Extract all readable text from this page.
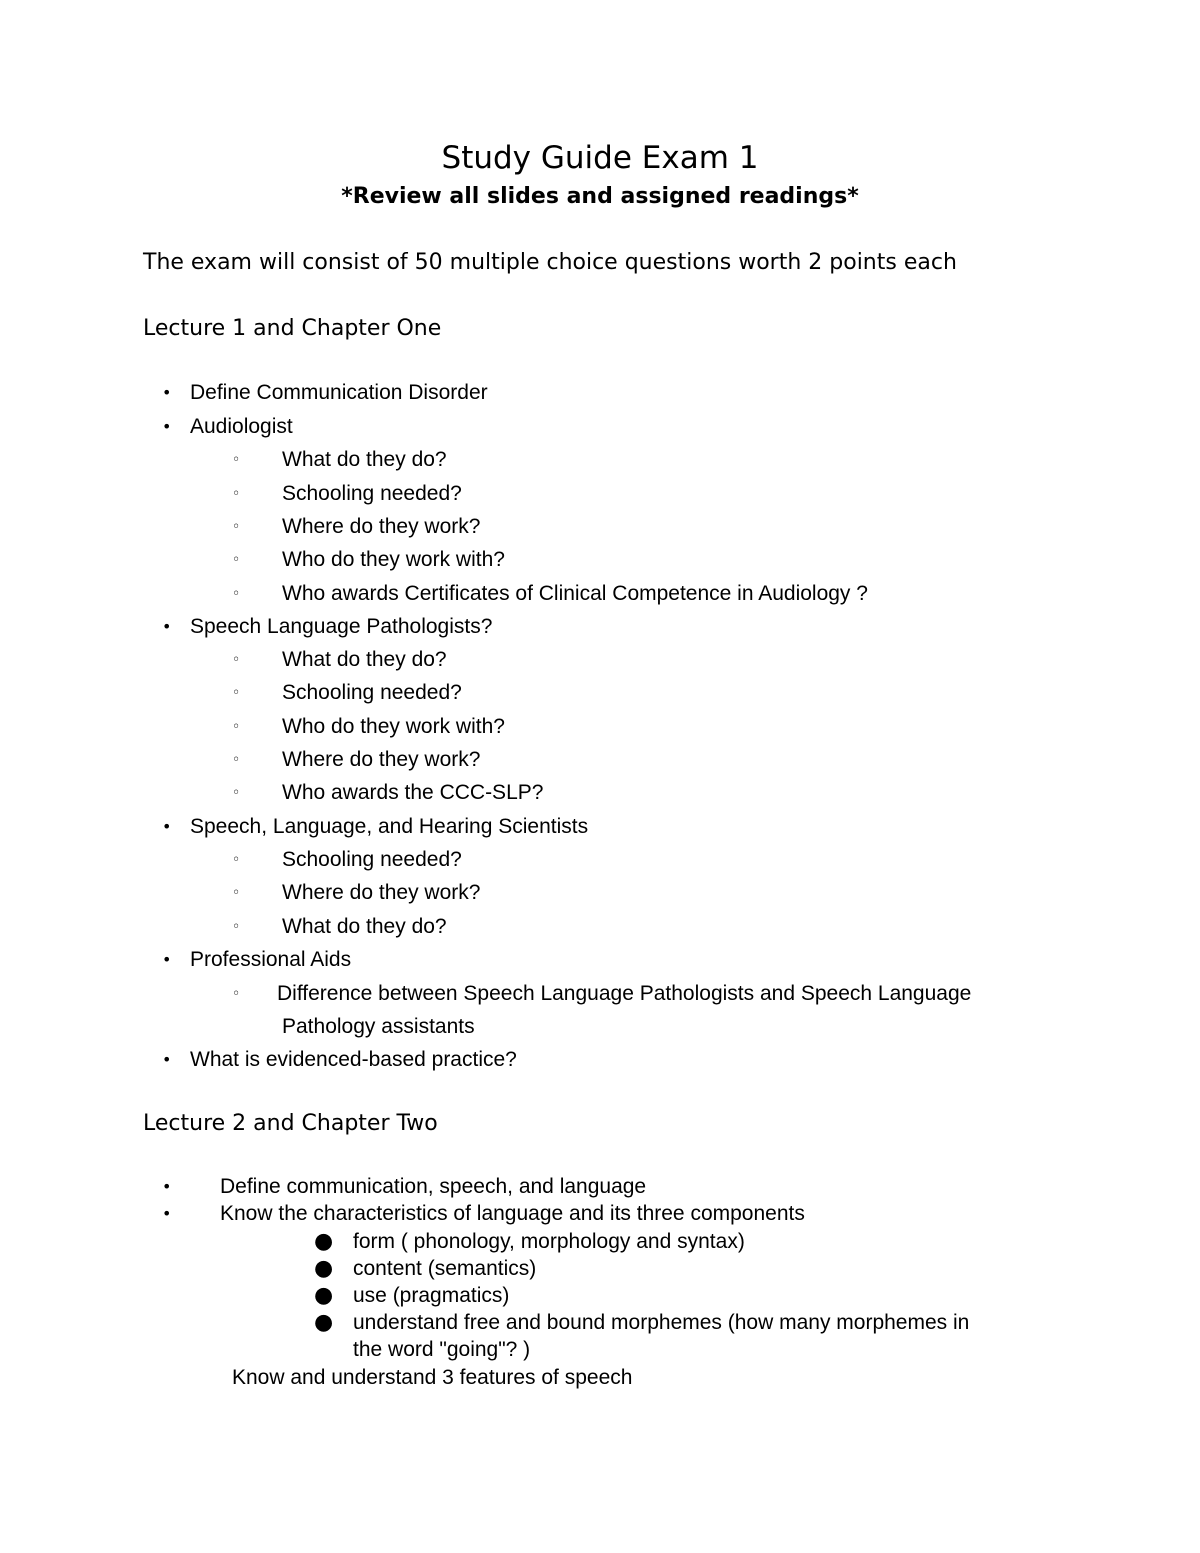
Study Guide Exam 1
*Review all slides and assigned readings*
The exam will consist of 50 multiple choice questions worth 2 points each
Lecture 1 and Chapter One
• Define Communication Disorder
• Audiologist
◦ What do they do?
◦ Schooling needed?
◦ Where do they work?
◦ Who do they work with?
◦ Who awards Certificates of Clinical Competence in Audiology ?
• Speech Language Pathologists?
◦ What do they do?
◦ Schooling needed?
◦ Who do they work with?
◦ Where do they work?
◦ Who awards the CCC-SLP?
• Speech, Language, and Hearing Scientists
◦ Schooling needed?
◦ Where do they work?
◦ What do they do?
• Professional Aids
◦ Difference between Speech Language Pathologists and Speech Language
Pathology assistants
• What is evidenced-based practice?
Lecture 2 and Chapter Two
• Define communication, speech, and language
• Know the characteristics of language and its three components
● form ( phonology, morphology and syntax)
● content (semantics)
● use (pragmatics)
● understand free and bound morphemes (how many morphemes in
the word "going"? )
Know and understand 3 features of speech
